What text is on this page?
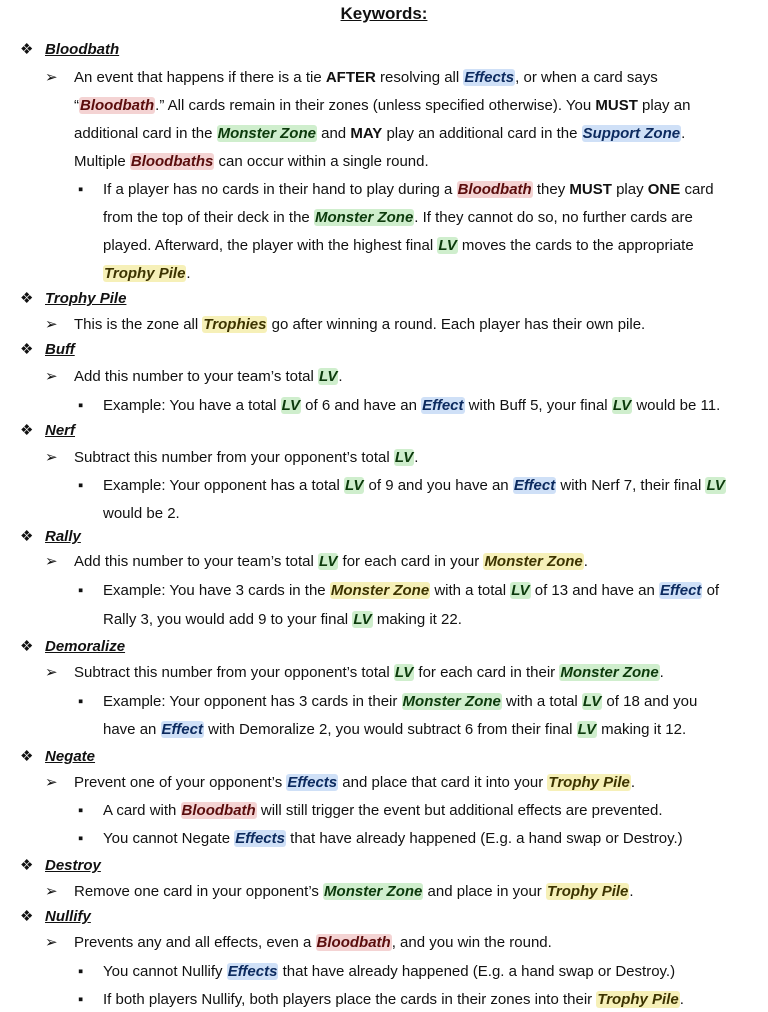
Keywords:
❖ Bloodbath
➢ An event that happens if there is a tie AFTER resolving all Effects, or when a card says
“Bloodbath.” All cards remain in their zones (unless specified otherwise). You MUST play an
additional card in the Monster Zone and MAY play an additional card in the Support Zone.
Multiple Bloodbaths can occur within a single round.
▪ If a player has no cards in their hand to play during a Bloodbath they MUST play ONE card
from the top of their deck in the Monster Zone. If they cannot do so, no further cards are
played. Afterward, the player with the highest final LV moves the cards to the appropriate
Trophy Pile.
❖ Trophy Pile
➢ This is the zone all Trophies go after winning a round. Each player has their own pile.
❖ Buff
➢ Add this number to your team’s total LV.
▪ Example: You have a total LV of 6 and have an Effect with Buff 5, your final LV would be 11.
❖ Nerf
➢ Subtract this number from your opponent’s total LV.
▪ Example: Your opponent has a total LV of 9 and you have an Effect with Nerf 7, their final LV
would be 2.
❖ Rally
➢ Add this number to your team’s total LV for each card in your Monster Zone.
▪ Example: You have 3 cards in the Monster Zone with a total LV of 13 and have an Effect of
Rally 3, you would add 9 to your final LV making it 22.
❖ Demoralize
➢ Subtract this number from your opponent’s total LV for each card in their Monster Zone.
▪ Example: Your opponent has 3 cards in their Monster Zone with a total LV of 18 and you
have an Effect with Demoralize 2, you would subtract 6 from their final LV making it 12.
❖ Negate
➢ Prevent one of your opponent’s Effects and place that card it into your Trophy Pile.
▪ A card with Bloodbath will still trigger the event but additional effects are prevented.
▪ You cannot Negate Effects that have already happened (E.g. a hand swap or Destroy.)
❖ Destroy
➢ Remove one card in your opponent’s Monster Zone and place in your Trophy Pile.
❖ Nullify
➢ Prevents any and all effects, even a Bloodbath, and you win the round.
▪ You cannot Nullify Effects that have already happened (E.g. a hand swap or Destroy.)
▪ If both players Nullify, both players place the cards in their zones into their Trophy Pile.
